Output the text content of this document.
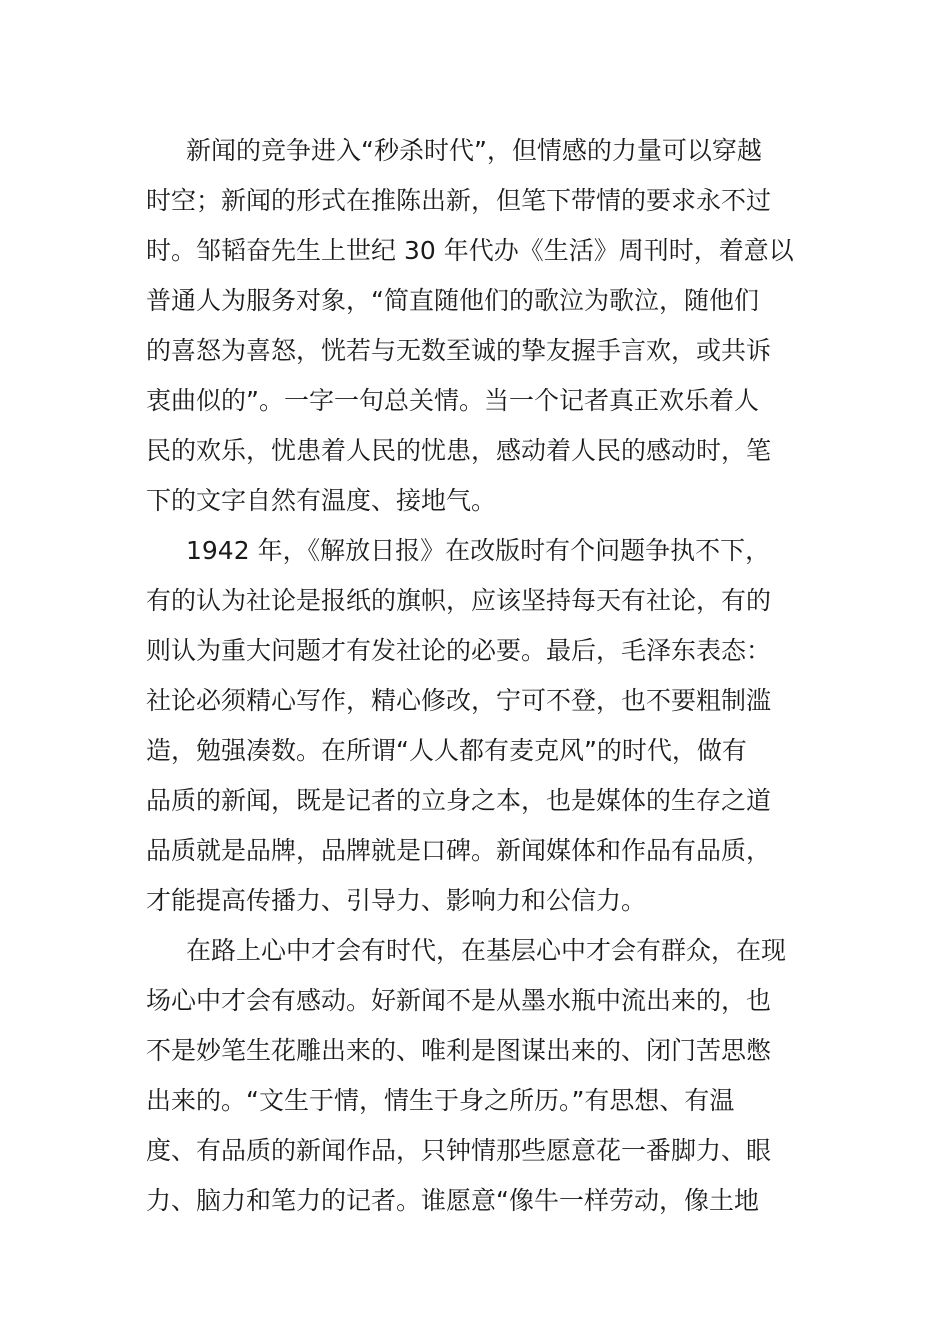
新闻的竞争进入“秒杀时代”，但情感的力量可以穿越
时空；新闻的形式在推陈出新，但笔下带情的要求永不过
时。邹韬奋先生上世纪 30 年代办《生活》周刊时，着意以
普通人为服务对象，“简直随他们的歌泣为歌泣，随他们
的喜怒为喜怒，恍若与无数至诚的挚友握手言欢，或共诉
衷曲似的”。一字一句总关情。当一个记者真正欢乐着人
民的欢乐，忧患着人民的忧患，感动着人民的感动时，笔
下的文字自然有温度、接地气。
1942 年，《解放日报》在改版时有个问题争执不下，
有的认为社论是报纸的旗帜，应该坚持每天有社论，有的
则认为重大问题才有发社论的必要。最后，毛泽东表态：
社论必须精心写作，精心修改，宁可不登，也不要粗制滥
造，勉强凑数。在所谓“人人都有麦克风”的时代，做有
品质的新闻，既是记者的立身之本，也是媒体的生存之道
品质就是品牌，品牌就是口碑。新闻媒体和作品有品质，
才能提高传播力、引导力、影响力和公信力。
在路上心中才会有时代，在基层心中才会有群众，在现
场心中才会有感动。好新闻不是从墨水瓶中流出来的，也
不是妙笔生花雕出来的、唯利是图谋出来的、闭门苦思憋
出来的。“文生于情，情生于身之所历。”有思想、有温
度、有品质的新闻作品，只钟情那些愿意花一番脚力、眼
力、脑力和笔力的记者。谁愿意“像牛一样劳动，像土地
